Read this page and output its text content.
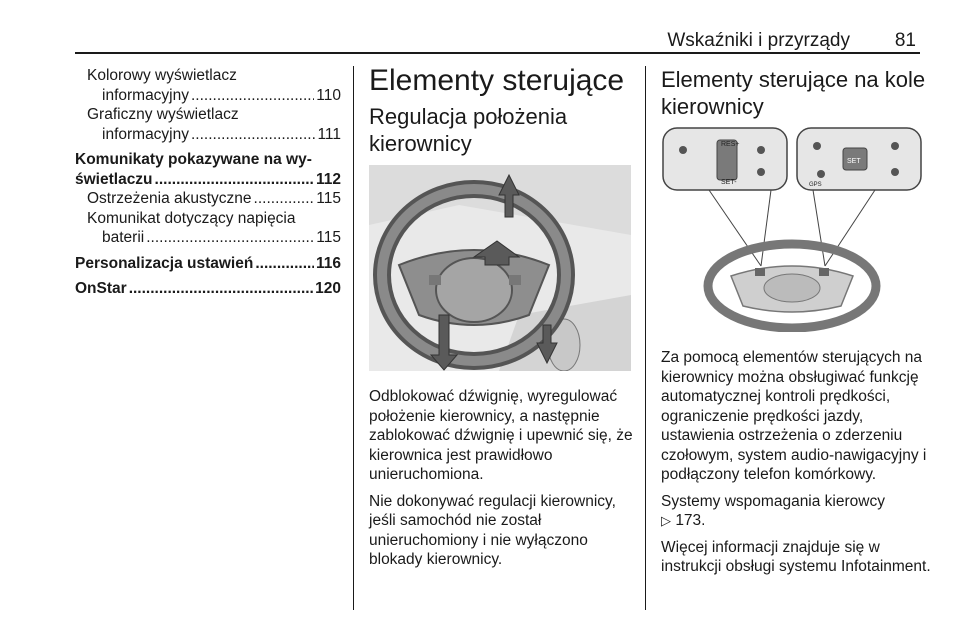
Wskaźniki i przyrządy 81
Kolorowy wyświetlacz
informacyjny .....	110
Graficzny wyświetlacz
informacyjny .....	111
Komunikaty pokazywane na wy-
świetlaczu .....	112
Ostrzeżenia akustyczne .....	115
Komunikat dotyczący napięcia
baterii .....	115
Personalizacja ustawień .....	116
OnStar .....	120
Elementy sterujące
Regulacja położenia kierownicy

Odblokować dźwignię, wyregulować położenie kierownicy, a następnie zablokować dźwignię i upewnić się, że kierownica jest prawidłowo unieruchomiona.

Nie dokonywać regulacji kierownicy, jeśli samochód nie został unieruchomiony i nie wyłączono blokady kierownicy.

Elementy sterujące na kole kierownicy
RES+
SET-
SET
GPS

Za pomocą elementów sterujących na kierownicy można obsługiwać funkcję automatycznej kontroli prędkości, ograniczenie prędkości jazdy, ustawienia ostrzeżenia o zderzeniu czołowym, system audio-nawigacyjny i podłączony telefon komórkowy.

Systemy wspomagania kierowcy

▷ 173.

Więcej informacji znajduje się w instrukcji obsługi systemu Infotainment.
